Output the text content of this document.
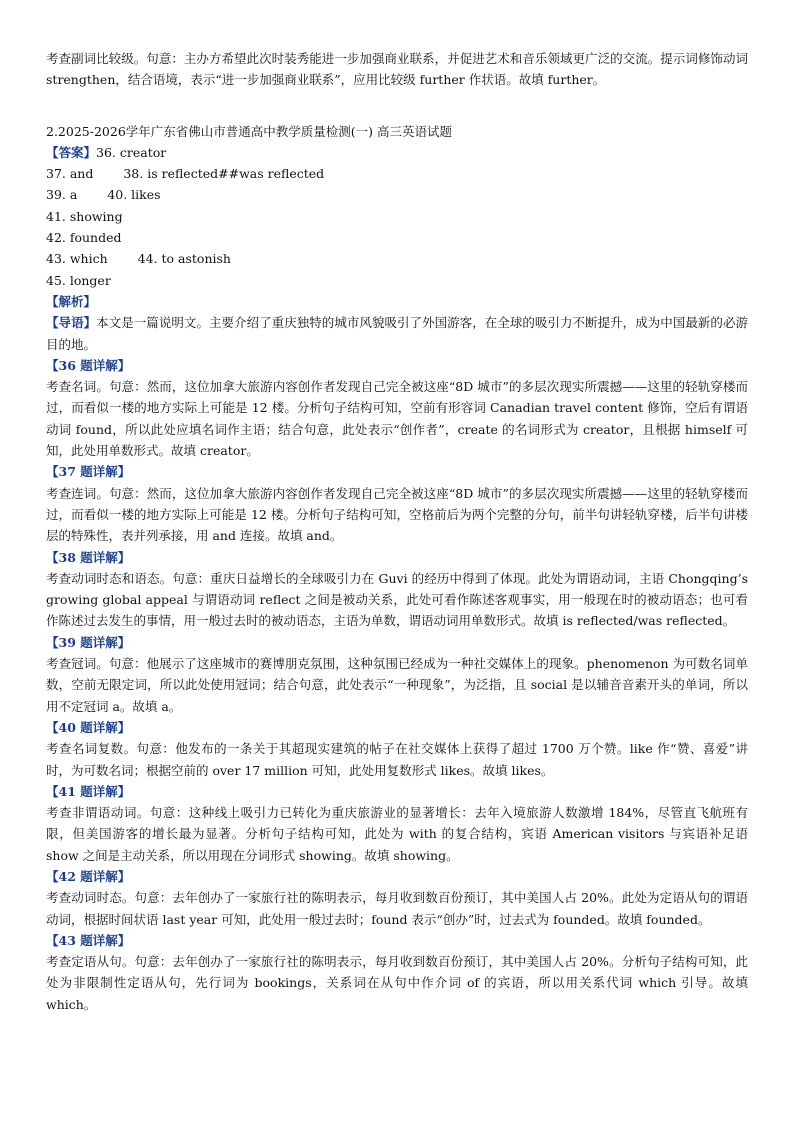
考查副词比较级。句意：主办方希望此次时装秀能进一步加强商业联系，并促进艺术和音乐领域更广泛的交流。提示词修饰动词 strengthen，结合语境，表示“进一步加强商业联系”，应用比较级 further 作状语。故填 further。

2.2025-2026学年广东省佛山市普通高中教学质量检测(一) 高三英语试题

【答案】36. creator
37. and 38. is reflected##was reflected
39. a 40. likes
41. showing
42. founded
43. which 44. to astonish
45. longer

【解析】

【导语】本文是一篇说明文。主要介绍了重庆独特的城市风貌吸引了外国游客，在全球的吸引力不断提升，成为中国最新的必游目的地。

【36 题详解】

考查名词。句意：然而，这位加拿大旅游内容创作者发现自己完全被这座“8D 城市”的多层次现实所震撼——这里的轻轨穿楼而过，而看似一楼的地方实际上可能是 12 楼。分析句子结构可知，空前有形容词 Canadian travel content 修饰，空后有谓语动词 found，所以此处应填名词作主语；结合句意，此处表示“创作者”，create 的名词形式为 creator，且根据 himself 可知，此处用单数形式。故填 creator。

【37 题详解】

考查连词。句意：然而，这位加拿大旅游内容创作者发现自己完全被这座“8D 城市”的多层次现实所震撼——这里的轻轨穿楼而过，而看似一楼的地方实际上可能是 12 楼。分析句子结构可知，空格前后为两个完整的分句，前半句讲轻轨穿楼，后半句讲楼层的特殊性，表并列承接，用 and 连接。故填 and。

【38 题详解】

考查动词时态和语态。句意：重庆日益增长的全球吸引力在 Guvi 的经历中得到了体现。此处为谓语动词，主语 Chongqing’s growing global appeal 与谓语动词 reflect 之间是被动关系，此处可看作陈述客观事实，用一般现在时的被动语态；也可看作陈述过去发生的事情，用一般过去时的被动语态，主语为单数，谓语动词用单数形式。故填 is reflected/was reflected。

【39 题详解】

考查冠词。句意：他展示了这座城市的赛博朋克氛围，这种氛围已经成为一种社交媒体上的现象。phenomenon 为可数名词单数，空前无限定词，所以此处使用冠词；结合句意，此处表示“一种现象”，为泛指，且 social 是以辅音音素开头的单词，所以用不定冠词 a。故填 a。

【40 题详解】

考查名词复数。句意：他发布的一条关于其超现实建筑的帖子在社交媒体上获得了超过 1700 万个赞。like 作“赞、喜爱”讲时，为可数名词；根据空前的 over 17 million 可知，此处用复数形式 likes。故填 likes。

【41 题详解】

考查非谓语动词。句意：这种线上吸引力已转化为重庆旅游业的显著增长：去年入境旅游人数激增 184%，尽管直飞航班有限，但美国游客的增长最为显著。分析句子结构可知，此处为 with 的复合结构，宾语 American visitors 与宾语补足语 show 之间是主动关系，所以用现在分词形式 showing。故填 showing。

【42 题详解】

考查动词时态。句意：去年创办了一家旅行社的陈明表示，每月收到数百份预订，其中美国人占 20%。此处为定语从句的谓语动词，根据时间状语 last year 可知，此处用一般过去时；found 表示“创办”时，过去式为 founded。故填 founded。

【43 题详解】

考查定语从句。句意：去年创办了一家旅行社的陈明表示，每月收到数百份预订，其中美国人占 20%。分析句子结构可知，此处为非限制性定语从句，先行词为 bookings，关系词在从句中作介词 of 的宾语，所以用关系代词 which 引导。故填 which。
